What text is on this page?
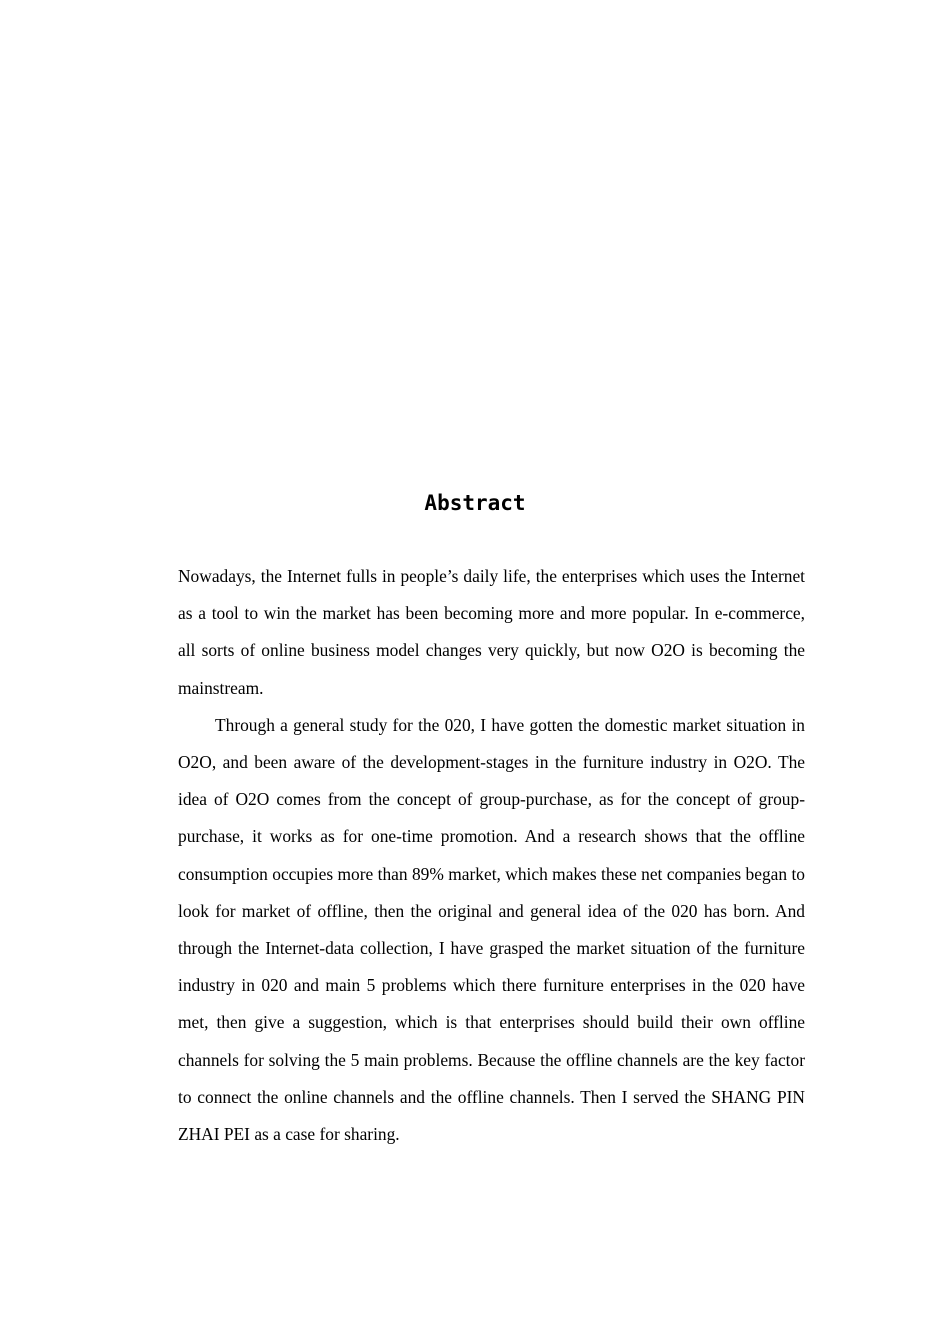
Abstract

Nowadays, the Internet fulls in people’s daily life, the enterprises which uses the Internet as a tool to win the market has been becoming more and more popular. In e-commerce, all sorts of online business model changes very quickly, but now O2O is becoming the mainstream.

Through a general study for the 020, I have gotten the domestic market situation in O2O, and been aware of the development-stages in the furniture industry in O2O. The idea of O2O comes from the concept of group-purchase, as for the concept of group-purchase, it works as for one-time promotion. And a research shows that the offline consumption occupies more than 89% market, which makes these net companies began to look for market of offline, then the original and general idea of the 020 has born. And through the Internet-data collection, I have grasped the market situation of the furniture industry in 020 and main 5 problems which there furniture enterprises in the 020 have met, then give a suggestion, which is that enterprises should build their own offline channels for solving the 5 main problems. Because the offline channels are the key factor to connect the online channels and the offline channels. Then I served the SHANG PIN ZHAI PEI as a case for sharing.
